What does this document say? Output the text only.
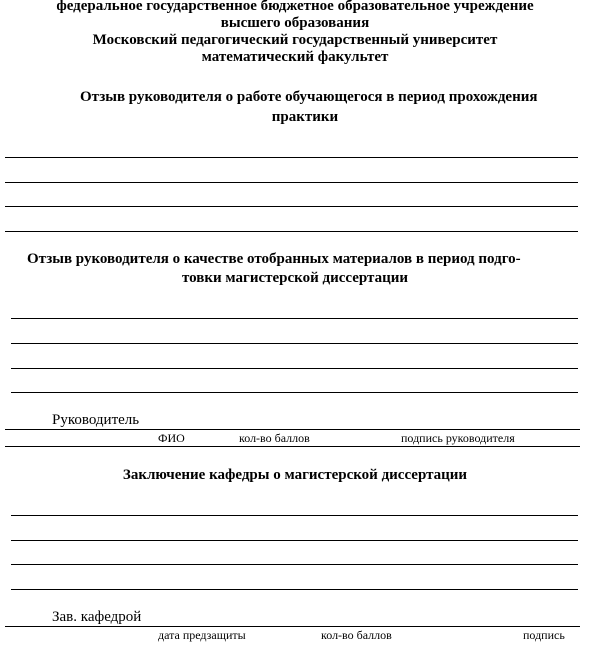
федеральное государственное бюджетное образовательное учреждение
высшего образования
Московский педагогический государственный университет
математический факультет
Отзыв руководителя о работе обучающегося в период прохождения
практики
Отзыв руководителя о качестве отобранных материалов в период подго-
товки магистерской диссертации
Руководитель
ФИО	кол-во баллов	подпись руководителя
Заключение кафедры о магистерской диссертации
Зав. кафедрой
дата предзащиты	кол-во баллов	подпись
